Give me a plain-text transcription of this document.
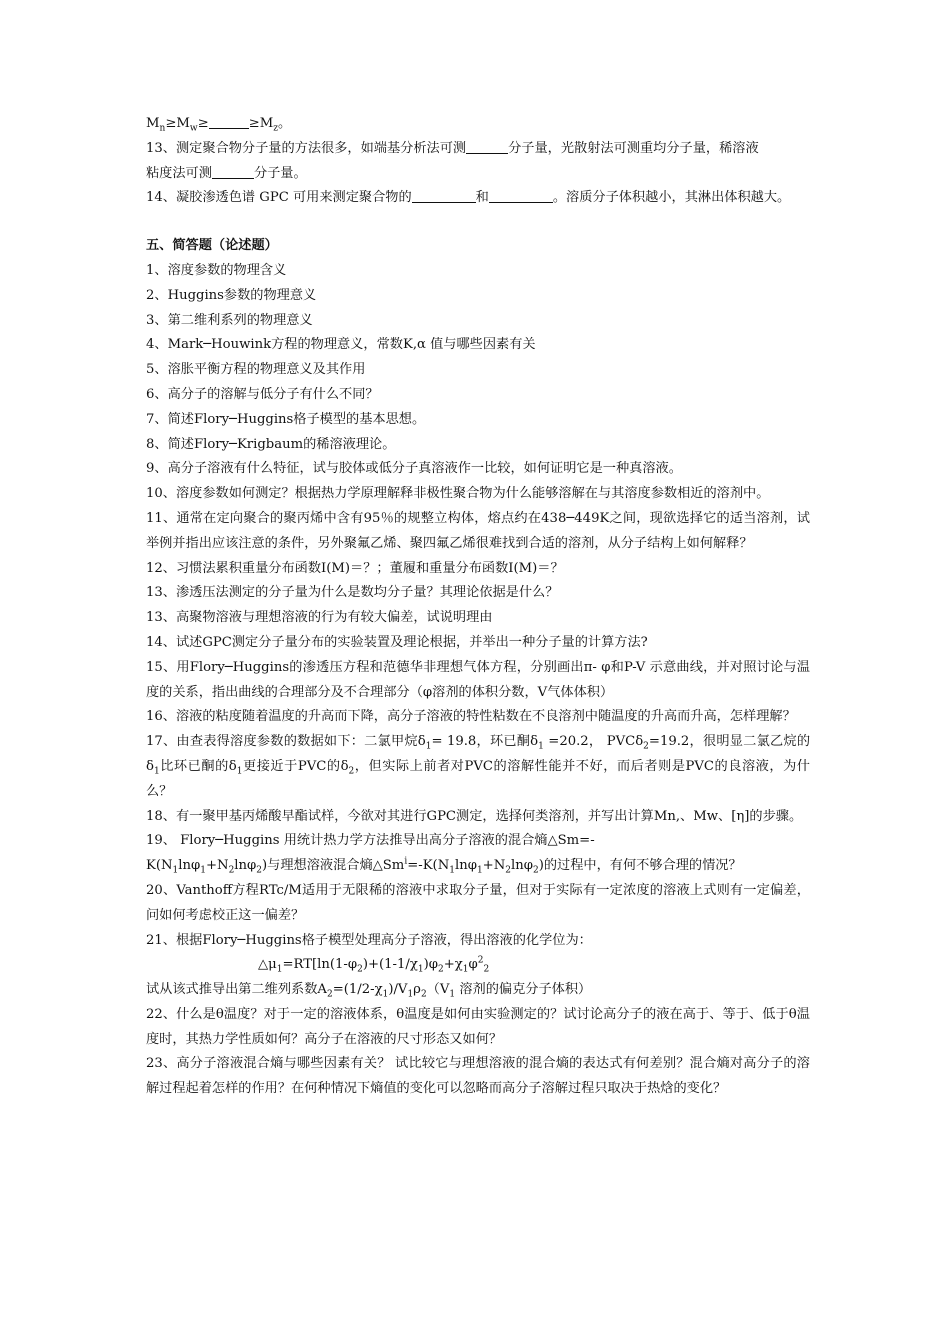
$M_n\ge M_w\ge$	$\ge M_z$。
13、测定聚合物分子量的方法很多，如端基分析法可测	分子量，光散射法可测重均分子量，稀溶液
粘度法可测	分子量。
14、凝胶渗透色谱 GPC 可用来测定聚合物的	和	。溶质分子体积越小，其淋出体积越大。
五、简答题（论述题）
1、溶度参数的物理含义
2、Huggins参数的物理意义
3、第二维利系列的物理意义
4、Mark─Houwink方程的物理意义，常数Κ,α 值与哪些因素有关
5、溶胀平衡方程的物理意义及其作用
6、高分子的溶解与低分子有什么不同？
7、简述Flory─Huggins格子模型的基本思想。
8、简述Flory─Krigbaum的稀溶液理论。
9、高分子溶液有什么特征，试与胶体或低分子真溶液作一比较，如何证明它是一种真溶液。
10、溶度参数如何测定？根据热力学原理解释非极性聚合物为什么能够溶解在与其溶度参数相近的溶剂中。
11、通常在定向聚合的聚丙烯中含有95％的规整立构体，熔点约在438─449Κ之间，现欲选择它的适当溶剂，试举例并指出应该注意的条件，另外聚氟乙烯、聚四氟乙烯很难找到合适的溶剂，从分子结构上如何解释？
12、习惯法累积重量分布函数Ι(M)＝？；董履和重量分布函数Ι(M)＝？
13、渗透压法测定的分子量为什么是数均分子量？其理论依据是什么？
13、高聚物溶液与理想溶液的行为有较大偏差，试说明理由
14、试述GPC测定分子量分布的实验装置及理论根据，并举出一种分子量的计算方法?
15、用Flory─Huggins的渗透压方程和范德华非理想气体方程，分别画出π- φ和P-V 示意曲线，并对照讨论与温度的关系，指出曲线的合理部分及不合理部分（φ溶剂的体积分数，V气体体积）
16、溶液的粘度随着温度的升高而下降，高分子溶液的特性粘数在不良溶剂中随温度的升高而升高，怎样理解？
17、由查表得溶度参数的数据如下：二氯甲烷$\delta_1= 19.8$，环已酮$\delta_1 =20.2$， PVCδ$_2$=19.2，很明显二氯乙烷的$\delta_1$比环已酮的$\delta_1$更接近于PVC的$\delta_2$，但实际上前者对PVC的溶解性能并不好，而后者则是PVC的良溶液，为什么？
18、有一聚甲基丙烯酸早酯试样，今欲对其进行GPC测定，选择何类溶剂，并写出计算Mn,、Mw、[η]的步骤。
19、 Flory─Huggins 用统计热力学方法推导出高分子溶液的混合熵△Sm=-
$K(N_1\ln\varphi_1+N_2\ln\varphi_2)$与理想溶液混合熵$\triangle Sm^i=-K(N_1\ln\varphi_1+N_2\ln\varphi_2)$的过程中，有何不够合理的情况？
20、Vanthoff方程RTc/M适用于无限稀的溶液中求取分子量，但对于实际有一定浓度的溶液上式则有一定偏差，问如何考虑校正这一偏差？
21、根据Flory─Huggins格子模型处理高分子溶液，得出溶液的化学位为：
$\triangle\mu_1=RT[\ln(1-\varphi_2)+(1-1/\chi_1)\varphi_2+\chi_1\varphi^2_2$
试从该式推导出第二维列系数$A_2=(1/2-\chi_1)/V_1\rho_2(V_1$ 溶剂的偏克分子体积）
22、什么是θ温度？对于一定的溶液体系，θ温度是如何由实验测定的？试讨论高分子的液在高于、等于、低于θ温度时，其热力学性质如何？高分子在溶液的尺寸形态又如何？
23、高分子溶液混合熵与哪些因素有关？ 试比较它与理想溶液的混合熵的表达式有何差别？混合熵对高分子的溶解过程起着怎样的作用？在何种情况下熵值的变化可以忽略而高分子溶解过程只取决于热焓的变化？
